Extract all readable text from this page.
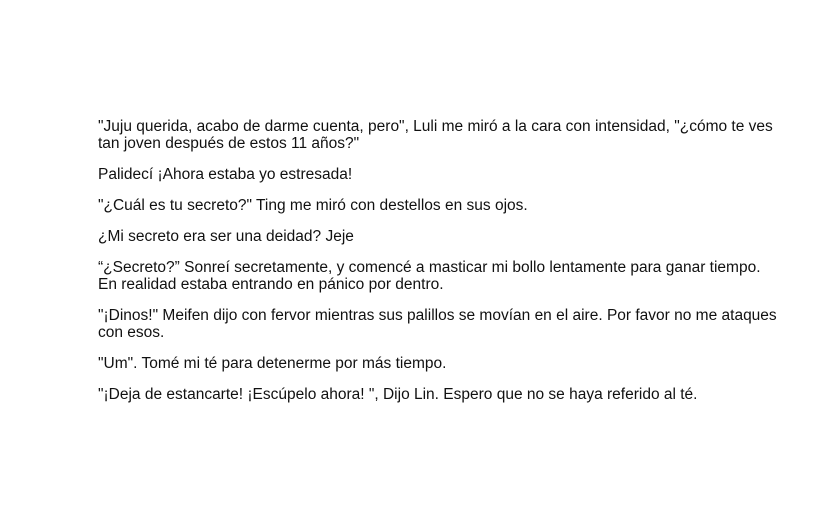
"Juju querida, acabo de darme cuenta, pero", Luli me miró a la cara con intensidad, "¿cómo te ves tan joven después de estos 11 años?"

Palidecí ¡Ahora estaba yo estresada!

"¿Cuál es tu secreto?" Ting me miró con destellos en sus ojos.

¿Mi secreto era ser una deidad? Jeje

“¿Secreto?” Sonreí secretamente, y comencé a masticar mi bollo lentamente para ganar tiempo. En realidad estaba entrando en pánico por dentro.

"¡Dinos!" Meifen dijo con fervor mientras sus palillos se movían en el aire. Por favor no me ataques con esos.

"Um". Tomé mi té para detenerme por más tiempo.

"¡Deja de estancarte! ¡Escúpelo ahora! ", Dijo Lin. Espero que no se haya referido al té.
